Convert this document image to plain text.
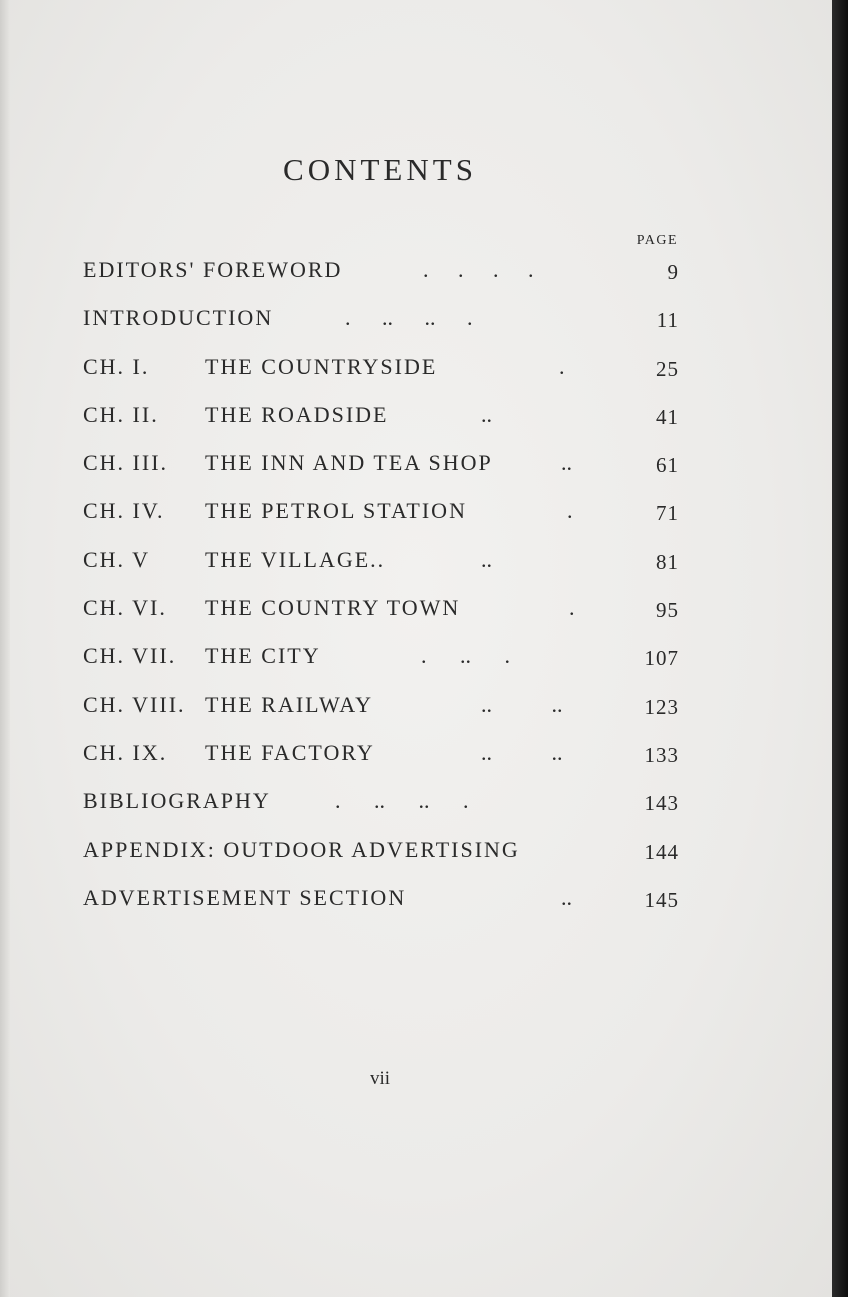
CONTENTS
PAGE
EDITORS' FOREWORD	. . . .	9
INTRODUCTION	. .. .. .	11
CH. I.	THE COUNTRYSIDE	.	25
CH. II. THE ROADSIDE	..	41
CH. III. THE INN AND TEA SHOP	..	61
CH. IV. THE PETROL STATION	.	71
CH. V THE VILLAGE..	..	81
CH. VI. THE COUNTRY TOWN	.	95
CH. VII. THE CITY	. .. .	107
CH. VIII. THE RAILWAY	.. ..	123
CH. IX. THE FACTORY	.. ..	133
BIBLIOGRAPHY	. .. .. .	143
APPENDIX: OUTDOOR ADVERTISING	144
ADVERTISEMENT SECTION	..	145
vii
